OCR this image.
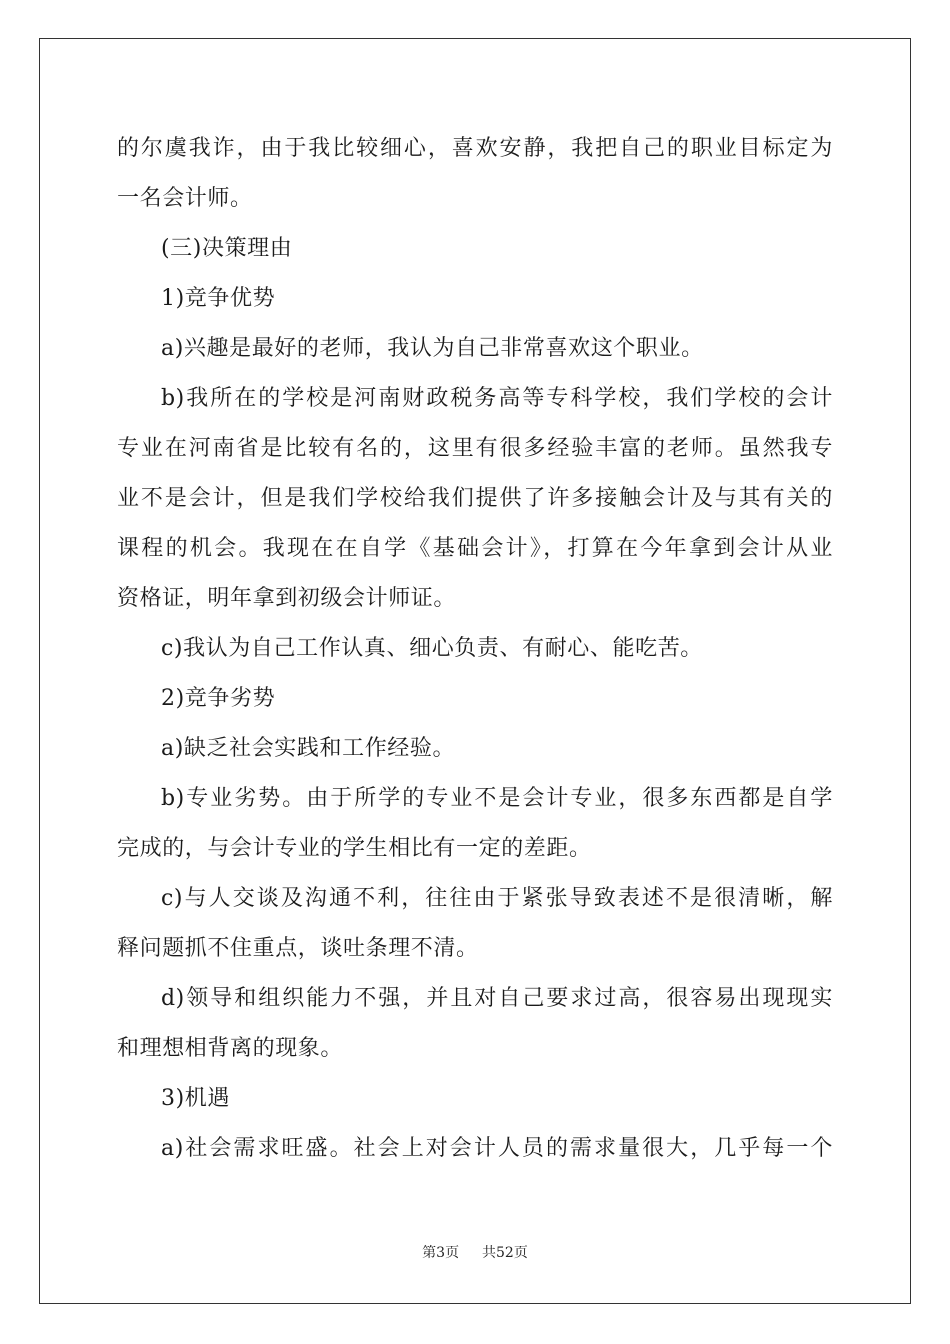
的尔虞我诈，由于我比较细心，喜欢安静，我把自己的职业目标定为
一名会计师。
(三)决策理由
1)竞争优势
a)兴趣是最好的老师，我认为自己非常喜欢这个职业。
b)我所在的学校是河南财政税务高等专科学校，我们学校的会计
专业在河南省是比较有名的，这里有很多经验丰富的老师。虽然我专
业不是会计，但是我们学校给我们提供了许多接触会计及与其有关的
课程的机会。我现在在自学《基础会计》，打算在今年拿到会计从业
资格证，明年拿到初级会计师证。
c)我认为自己工作认真、细心负责、有耐心、能吃苦。
2)竞争劣势
a)缺乏社会实践和工作经验。
b)专业劣势。由于所学的专业不是会计专业，很多东西都是自学
完成的，与会计专业的学生相比有一定的差距。
c)与人交谈及沟通不利，往往由于紧张导致表述不是很清晰，解
释问题抓不住重点，谈吐条理不清。
d)领导和组织能力不强，并且对自己要求过高，很容易出现现实
和理想相背离的现象。
3)机遇
a)社会需求旺盛。社会上对会计人员的需求量很大，几乎每一个
第3页 共52页
